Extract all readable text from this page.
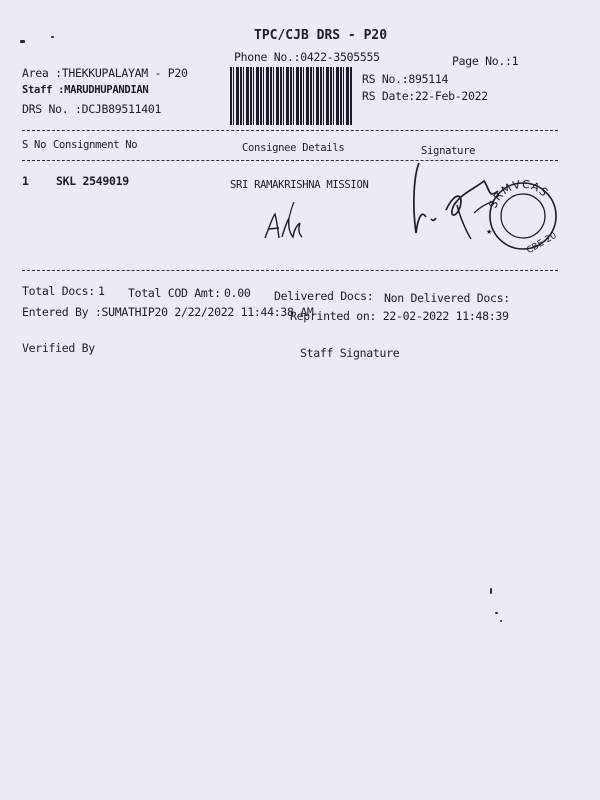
TPC/CJB DRS - P20
Phone No.:0422-3505555	Page No.:1
Area :THEKKUPALAYAM - P20
Staff :MARUDHUPANDIAN
DRS No. :DCJB89511401
RS No.:895114
RS Date:22-Feb-2022
S No Consignment No	Consignee Details	Signature
1 SKL 2549019	SRI RAMAKRISHNA MISSION
SRMVCAS
CBE-20
★
Total Docs: 1 Total COD Amt: 0.00 Delivered Docs: Non Delivered Docs:
Entered By :SUMATHIP20 2/22/2022 11:44:38 AM
Reprinted on: 22-02-2022 11:48:39
Verified By	Staff Signature
